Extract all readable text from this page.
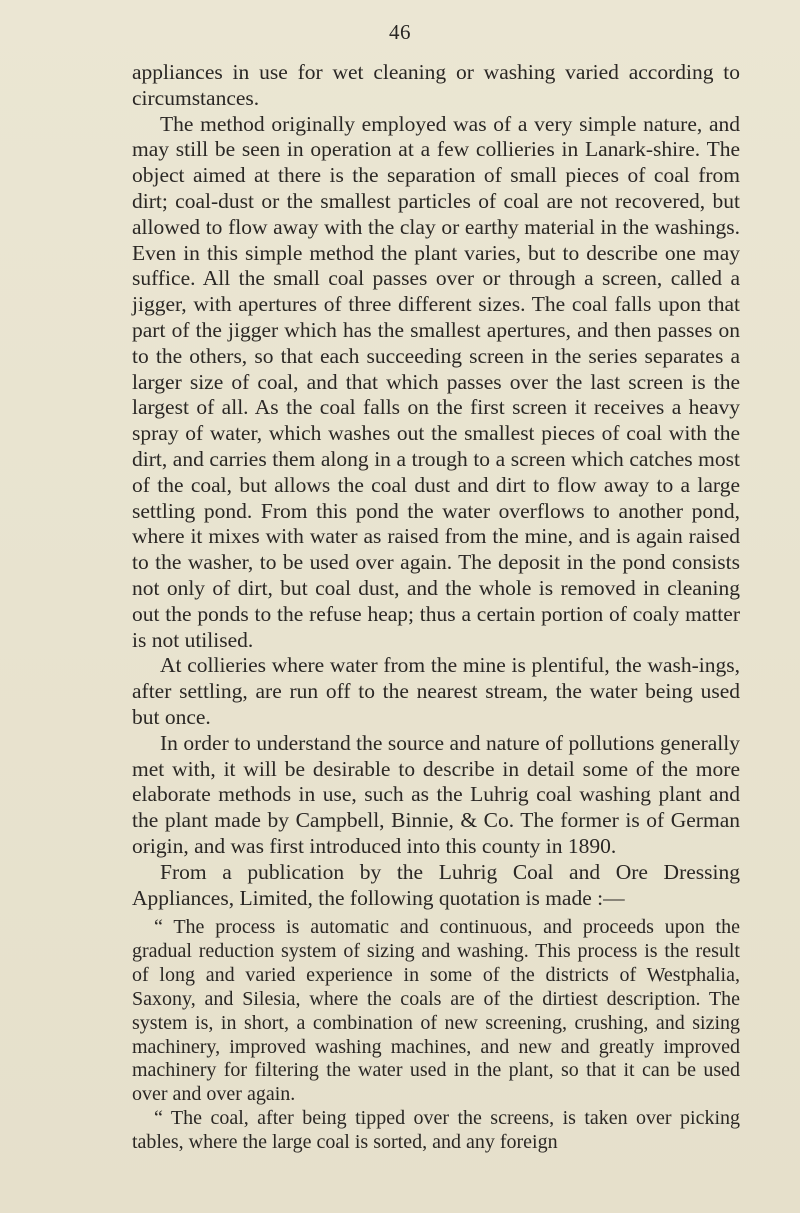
46

appliances in use for wet cleaning or washing varied according to circumstances.

The method originally employed was of a very simple nature, and may still be seen in operation at a few collieries in Lanark-shire. The object aimed at there is the separation of small pieces of coal from dirt; coal-dust or the smallest particles of coal are not recovered, but allowed to flow away with the clay or earthy material in the washings. Even in this simple method the plant varies, but to describe one may suffice. All the small coal passes over or through a screen, called a jigger, with apertures of three different sizes. The coal falls upon that part of the jigger which has the smallest apertures, and then passes on to the others, so that each succeeding screen in the series separates a larger size of coal, and that which passes over the last screen is the largest of all. As the coal falls on the first screen it receives a heavy spray of water, which washes out the smallest pieces of coal with the dirt, and carries them along in a trough to a screen which catches most of the coal, but allows the coal dust and dirt to flow away to a large settling pond. From this pond the water overflows to another pond, where it mixes with water as raised from the mine, and is again raised to the washer, to be used over again. The deposit in the pond consists not only of dirt, but coal dust, and the whole is removed in cleaning out the ponds to the refuse heap; thus a certain portion of coaly matter is not utilised.

At collieries where water from the mine is plentiful, the wash-ings, after settling, are run off to the nearest stream, the water being used but once.

In order to understand the source and nature of pollutions generally met with, it will be desirable to describe in detail some of the more elaborate methods in use, such as the Luhrig coal washing plant and the plant made by Campbell, Binnie, & Co. The former is of German origin, and was first introduced into this county in 1890.

From a publication by the Luhrig Coal and Ore Dressing Appliances, Limited, the following quotation is made :—

“ The process is automatic and continuous, and proceeds upon the gradual reduction system of sizing and washing. This process is the result of long and varied experience in some of the districts of Westphalia, Saxony, and Silesia, where the coals are of the dirtiest description. The system is, in short, a combination of new screening, crushing, and sizing machinery, improved washing machines, and new and greatly improved machinery for filtering the water used in the plant, so that it can be used over and over again.

“ The coal, after being tipped over the screens, is taken over picking tables, where the large coal is sorted, and any foreign
